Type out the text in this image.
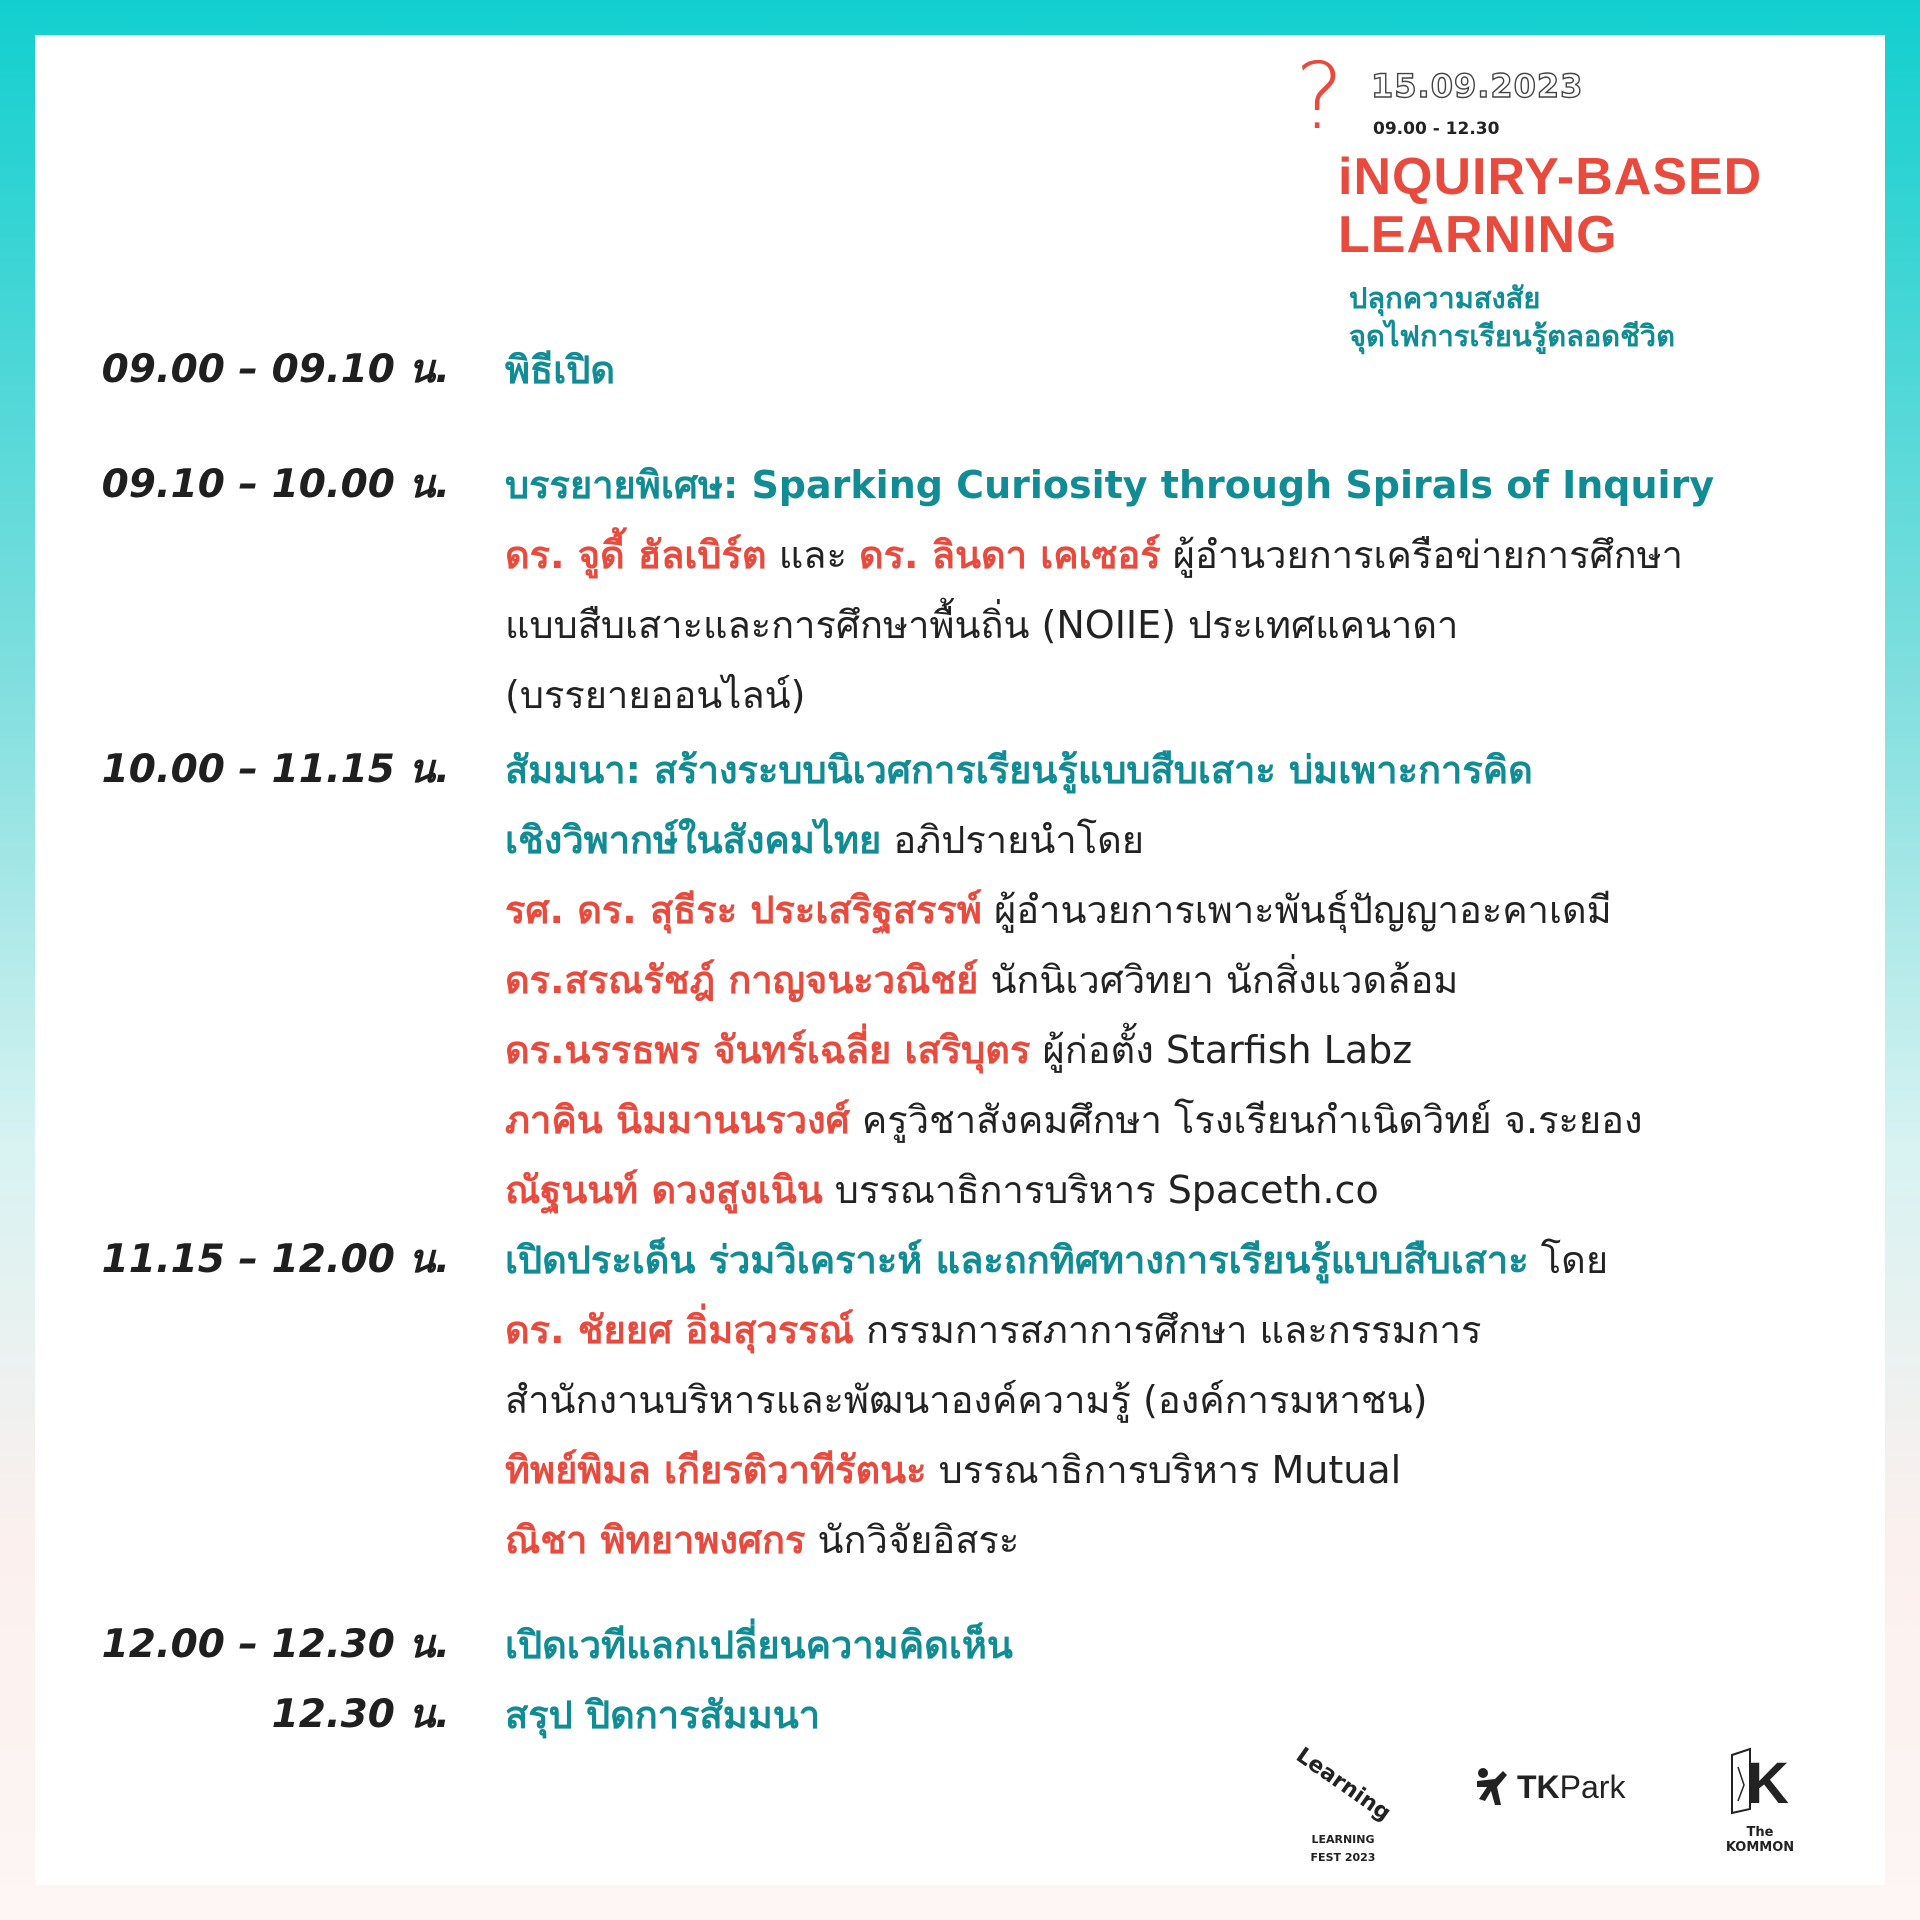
? 15.09.2023
09.00 - 12.30
iNQUIRY-BASED
LEARNING
ปลุกความสงสัย
จุดไฟการเรียนรู้ตลอดชีวิต
09.00 – 09.10 น. พิธีเปิด
09.10 – 10.00 น. บรรยายพิเศษ: Sparking Curiosity through Spirals of Inquiry
ดร. จูดี้ ฮัลเบิร์ต และ ดร. ลินดา เคเซอร์ ผู้อำนวยการเครือข่ายการศึกษา
แบบสืบเสาะและการศึกษาพื้นถิ่น (NOIIE) ประเทศแคนาดา
(บรรยายออนไลน์)
10.00 – 11.15 น. สัมมนา: สร้างระบบนิเวศการเรียนรู้แบบสืบเสาะ บ่มเพาะการคิด
เชิงวิพากษ์ในสังคมไทย อภิปรายนำโดย
รศ. ดร. สุธีระ ประเสริฐสรรพ์ ผู้อำนวยการเพาะพันธุ์ปัญญาอะคาเดมี
ดร.สรณรัชฎ์ กาญจนะวณิชย์ นักนิเวศวิทยา นักสิ่งแวดล้อม
ดร.นรรธพร จันทร์เฉลี่ย เสริบุตร ผู้ก่อตั้ง Starfish Labz
ภาคิน นิมมานนรวงศ์ ครูวิชาสังคมศึกษา โรงเรียนกำเนิดวิทย์ จ.ระยอง
ณัฐนนท์ ดวงสูงเนิน บรรณาธิการบริหาร Spaceth.co
11.15 – 12.00 น. เปิดประเด็น ร่วมวิเคราะห์ และถกทิศทางการเรียนรู้แบบสืบเสาะ โดย
ดร. ชัยยศ อิ่มสุวรรณ์ กรรมการสภาการศึกษา และกรรมการ
สำนักงานบริหารและพัฒนาองค์ความรู้ (องค์การมหาชน)
ทิพย์พิมล เกียรติวาทีรัตนะ บรรณาธิการบริหาร Mutual
ณิชา พิทยาพงศกร นักวิจัยอิสระ
12.00 – 12.30 น. เปิดเวทีแลกเปลี่ยนความคิดเห็น
12.30 น. สรุป ปิดการสัมมนา
Learning
LEARNING
FEST 2023
TKPark K
The KOMMON
